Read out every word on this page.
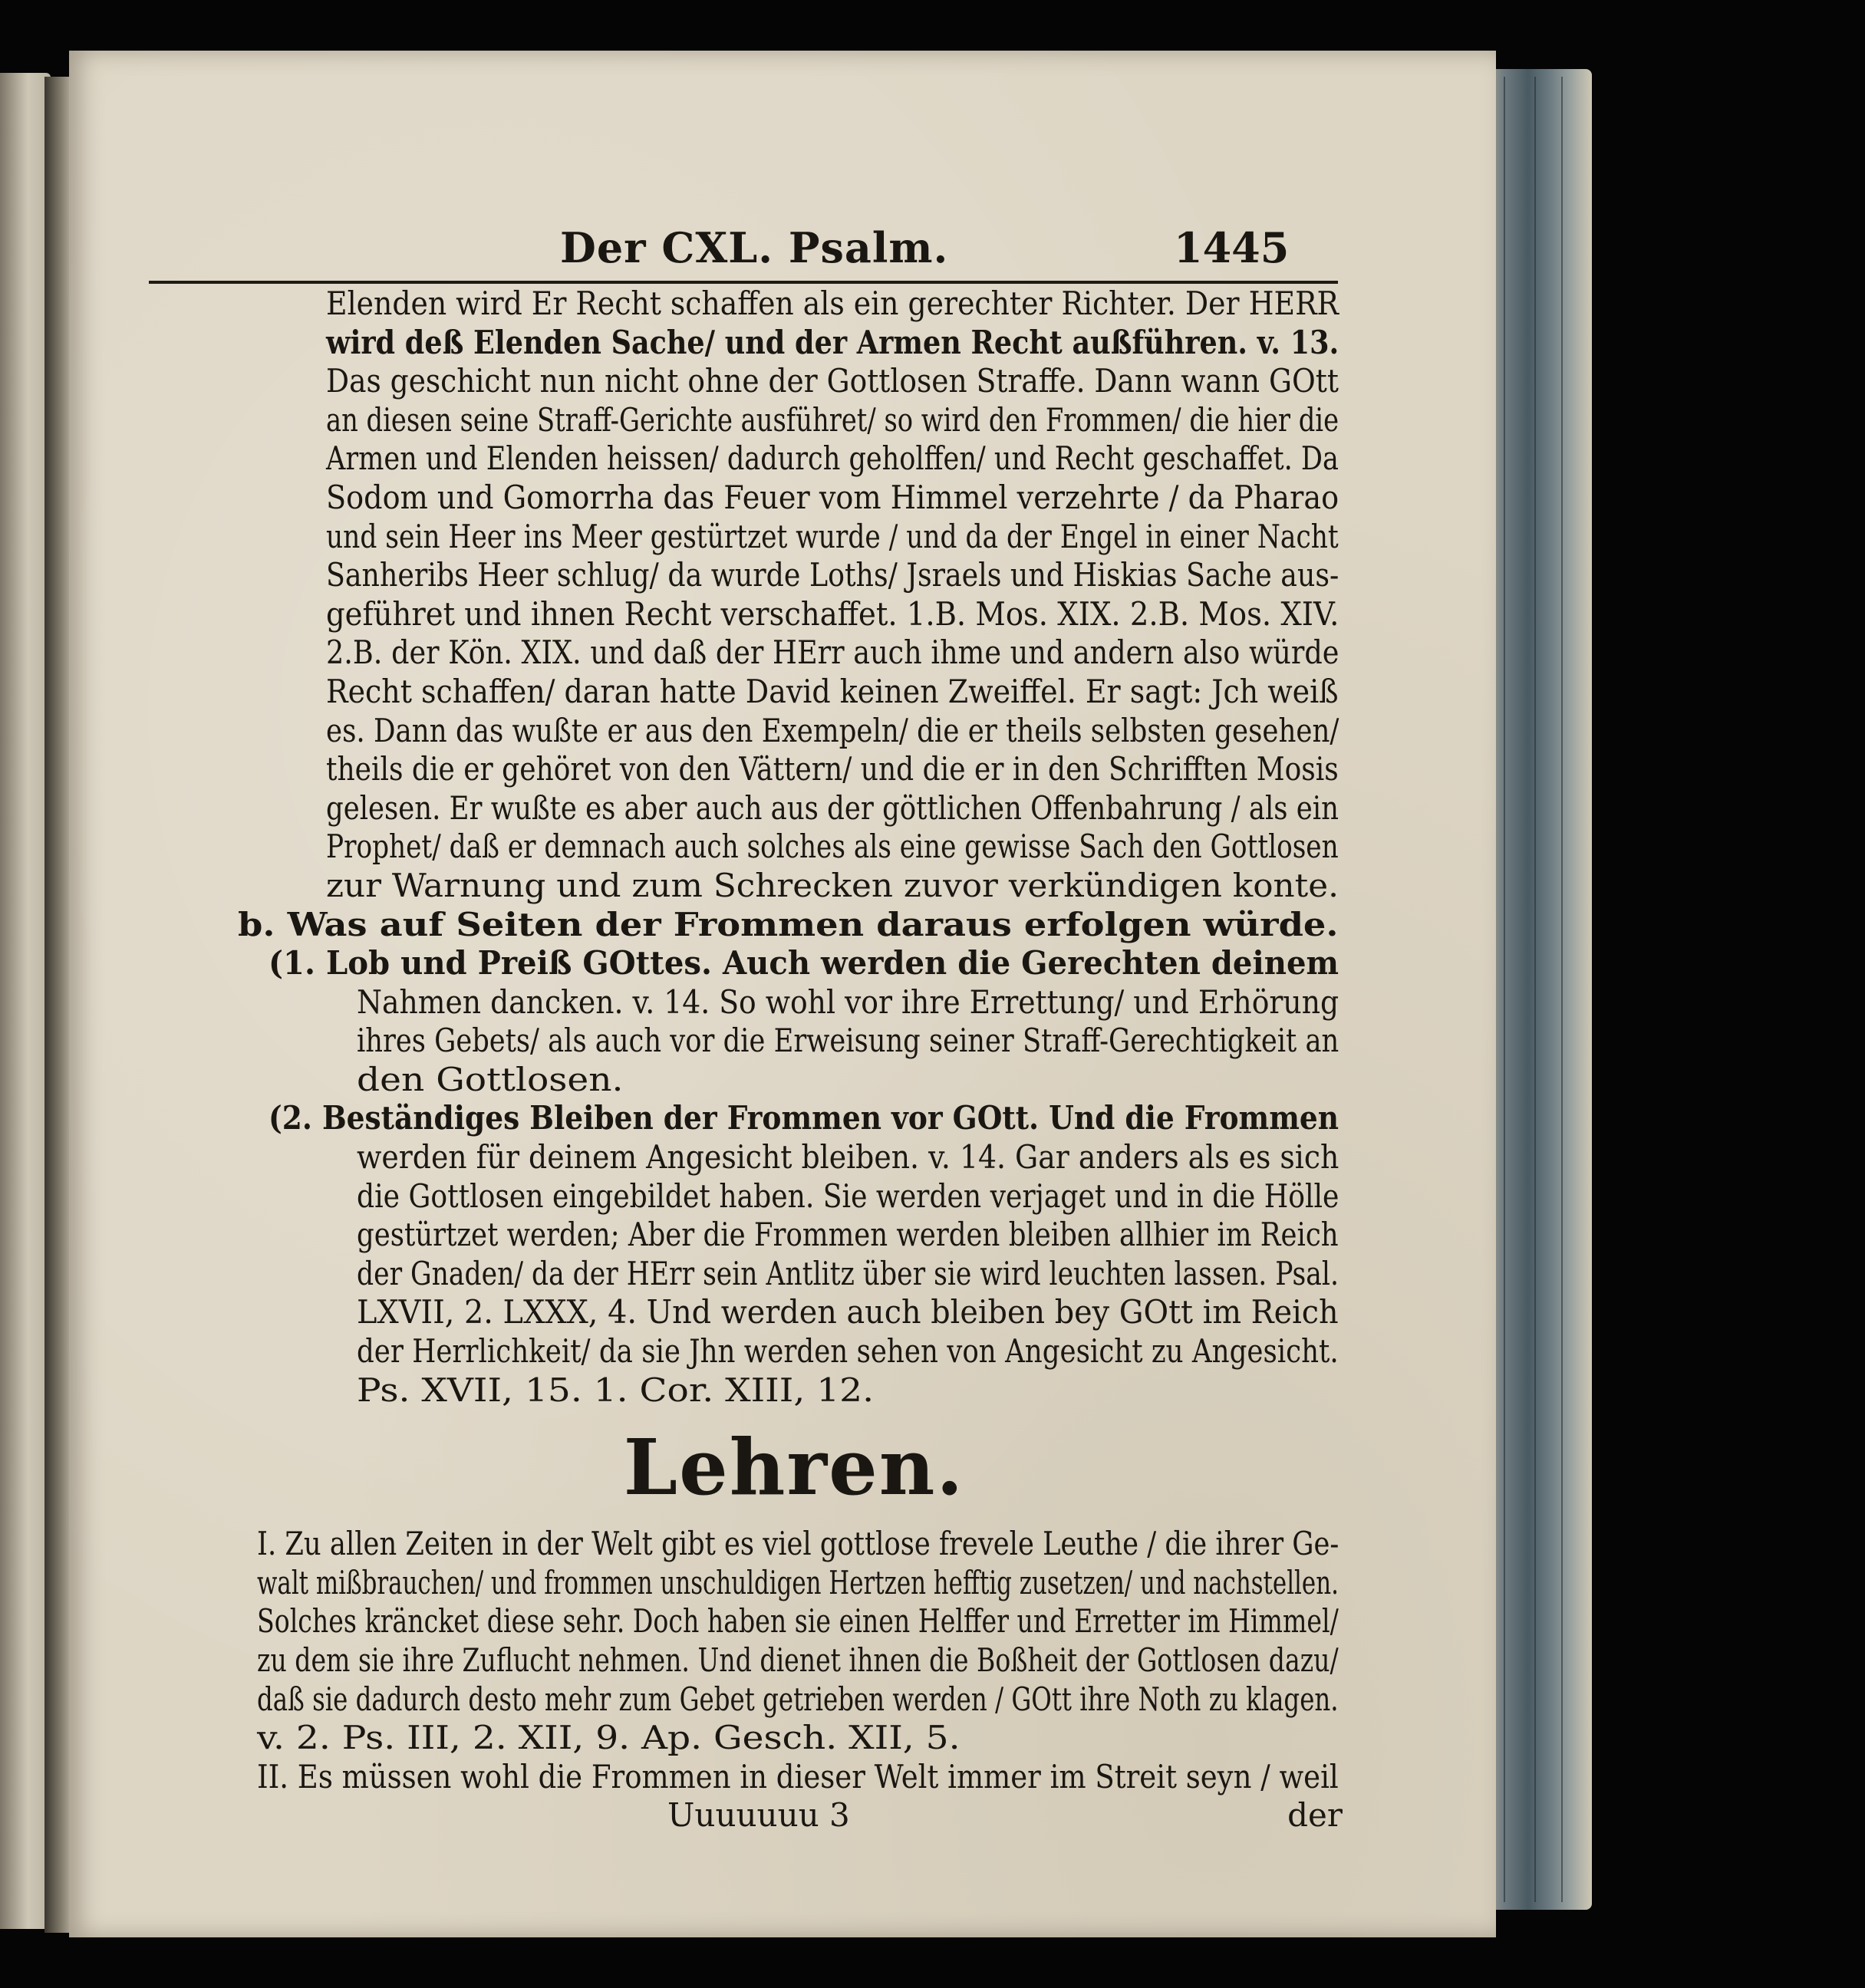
Der CXL. Psalm.	1445
Elenden wird Er Recht schaffen als ein gerechter Richter. Der HERR
wird deß Elenden Sache/ und der Armen Recht außführen. v. 13.
Das geschicht nun nicht ohne der Gottlosen Straffe. Dann wann GOtt
an diesen seine Straff-Gerichte ausführet/ so wird den Frommen/ die hier die
Armen und Elenden heissen/ dadurch geholffen/ und Recht geschaffet. Da
Sodom und Gomorrha das Feuer vom Himmel verzehrte / da Pharao
und sein Heer ins Meer gestürtzet wurde / und da der Engel in einer Nacht
Sanheribs Heer schlug/ da wurde Loths/ Jsraels und Hiskias Sache aus-
geführet und ihnen Recht verschaffet. 1.B. Mos. XIX. 2.B. Mos. XIV.
2.B. der Kön. XIX. und daß der HErr auch ihme und andern also würde
Recht schaffen/ daran hatte David keinen Zweiffel. Er sagt: Jch weiß
es. Dann das wußte er aus den Exempeln/ die er theils selbsten gesehen/
theils die er gehöret von den Vättern/ und die er in den Schrifften Mosis
gelesen. Er wußte es aber auch aus der göttlichen Offenbahrung / als ein
Prophet/ daß er demnach auch solches als eine gewisse Sach den Gottlosen
zur Warnung und zum Schrecken zuvor verkündigen konte.
b. Was auf Seiten der Frommen daraus erfolgen würde.
(1. Lob und Preiß GOttes. Auch werden die Gerechten deinem
Nahmen dancken. v. 14. So wohl vor ihre Errettung/ und Erhörung
ihres Gebets/ als auch vor die Erweisung seiner Straff-Gerechtigkeit an
den Gottlosen.
(2. Beständiges Bleiben der Frommen vor GOtt. Und die Frommen
werden für deinem Angesicht bleiben. v. 14. Gar anders als es sich
die Gottlosen eingebildet haben. Sie werden verjaget und in die Hölle
gestürtzet werden; Aber die Frommen werden bleiben allhier im Reich
der Gnaden/ da der HErr sein Antlitz über sie wird leuchten lassen. Psal.
LXVII, 2. LXXX, 4. Und werden auch bleiben bey GOtt im Reich
der Herrlichkeit/ da sie Jhn werden sehen von Angesicht zu Angesicht.
Ps. XVII, 15. 1. Cor. XIII, 12.
Lehren.
I. Zu allen Zeiten in der Welt gibt es viel gottlose frevele Leuthe / die ihrer Ge-
walt mißbrauchen/ und frommen unschuldigen Hertzen hefftig zusetzen/ und nachstellen.
Solches kräncket diese sehr. Doch haben sie einen Helffer und Erretter im Himmel/
zu dem sie ihre Zuflucht nehmen. Und dienet ihnen die Boßheit der Gottlosen dazu/
daß sie dadurch desto mehr zum Gebet getrieben werden / GOtt ihre Noth zu klagen.
v. 2. Ps. III, 2. XII, 9. Ap. Gesch. XII, 5.
II. Es müssen wohl die Frommen in dieser Welt immer im Streit seyn / weil
Uuuuuuu 3	der
